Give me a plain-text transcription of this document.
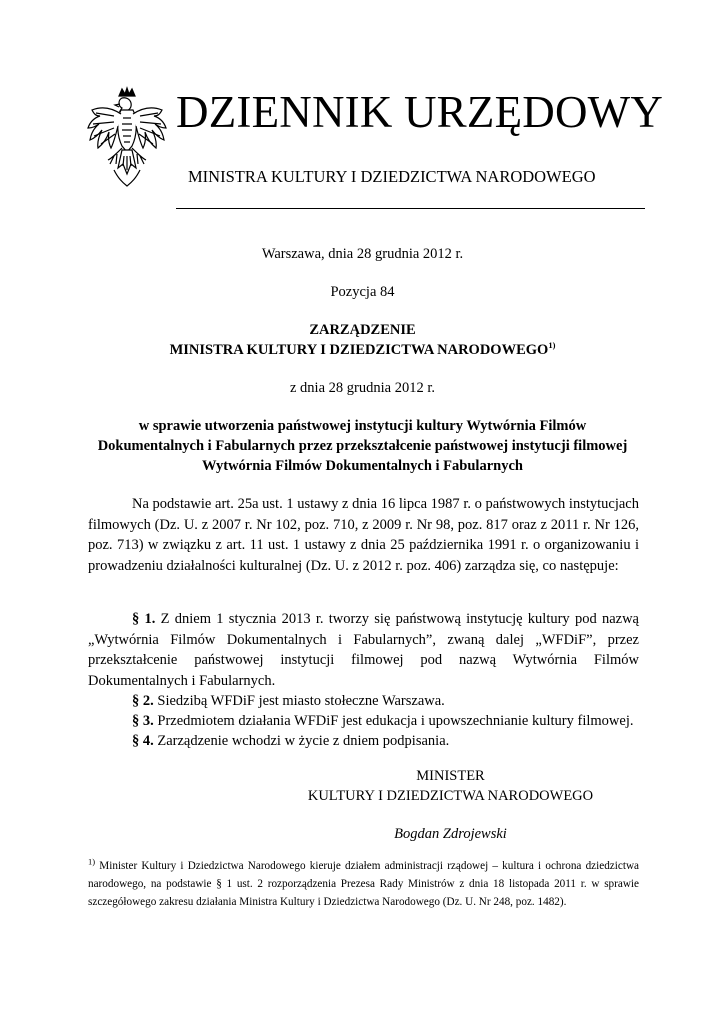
DZIENNIK URZĘDOWY
MINISTRA KULTURY I DZIEDZICTWA NARODOWEGO
Warszawa, dnia 28 grudnia 2012 r.
Pozycja 84
ZARZĄDZENIE
MINISTRA KULTURY I DZIEDZICTWA NARODOWEGO$^{1)}$
z dnia 28 grudnia 2012 r.
w sprawie utworzenia państwowej instytucji kultury Wytwórnia Filmów
Dokumentalnych i Fabularnych przez przekształcenie państwowej instytucji filmowej
Wytwórnia Filmów Dokumentalnych i Fabularnych
Na podstawie art. 25a ust. 1 ustawy z dnia 16 lipca 1987 r. o państwowych instytucjach filmowych (Dz. U. z 2007 r. Nr 102, poz. 710, z 2009 r. Nr 98, poz. 817 oraz z 2011 r. Nr 126, poz. 713) w związku z art. 11 ust. 1 ustawy z dnia 25 października 1991 r. o organizowaniu i prowadzeniu działalności kulturalnej (Dz. U. z 2012 r. poz. 406) zarządza się, co następuje:
§ 1. Z dniem 1 stycznia 2013 r. tworzy się państwową instytucję kultury pod nazwą „Wytwórnia Filmów Dokumentalnych i Fabularnych”, zwaną dalej „WFDiF”, przez przekształcenie państwowej instytucji filmowej pod nazwą Wytwórnia Filmów Dokumentalnych i Fabularnych.
§ 2. Siedzibą WFDiF jest miasto stołeczne Warszawa.
§ 3. Przedmiotem działania WFDiF jest edukacja i upowszechnianie kultury filmowej.
§ 4. Zarządzenie wchodzi w życie z dniem podpisania.
MINISTER
KULTURY I DZIEDZICTWA NARODOWEGO
Bogdan Zdrojewski
$^{1)}$ Minister Kultury i Dziedzictwa Narodowego kieruje działem administracji rządowej – kultura i ochrona dziedzictwa narodowego, na podstawie § 1 ust. 2 rozporządzenia Prezesa Rady Ministrów z dnia 18 listopada 2011 r. w sprawie szczegółowego zakresu działania Ministra Kultury i Dziedzictwa Narodowego (Dz. U. Nr 248, poz. 1482).
